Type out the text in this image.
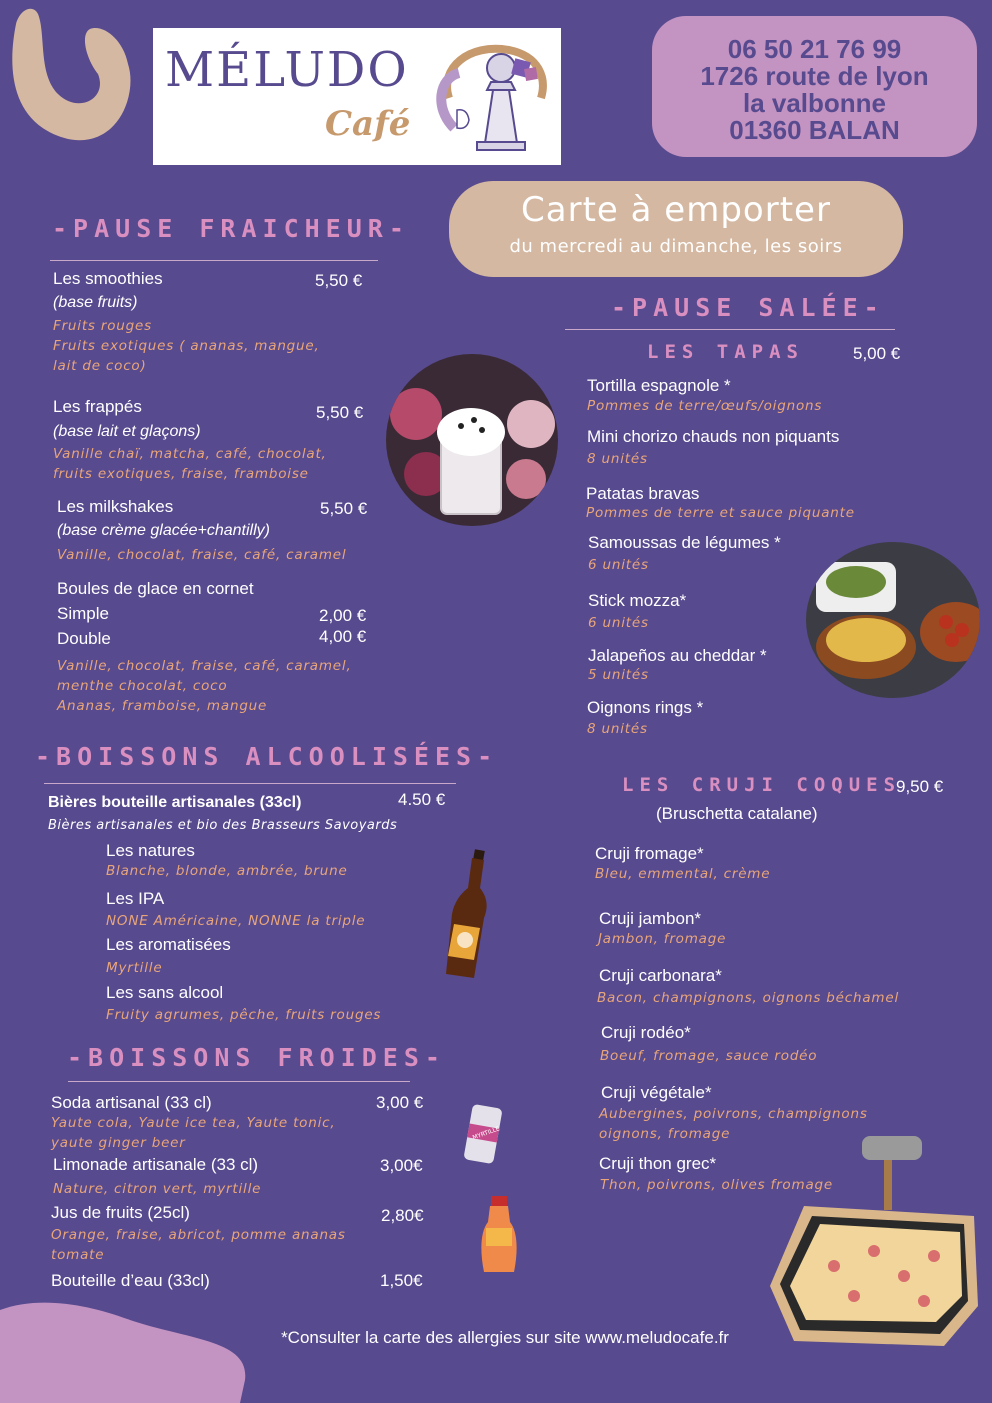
MÉLUDO
Café
06 50 21 76 99
1726 route de lyon
la valbonne
01360 BALAN
Carte à emporter
du mercredi au dimanche, les soirs
-PAUSE FRAICHEUR-
Les smoothies	5,50 €
(base fruits)
Fruits rouges
Fruits exotiques ( ananas, mangue,
lait de coco)
Les frappés	5,50 €
(base lait et glaçons)
Vanille chaï, matcha, café, chocolat,
fruits exotiques, fraise, framboise
Les milkshakes	5,50 €
(base crème glacée+chantilly)
Vanille, chocolat, fraise, café, caramel
Boules de glace en cornet
Simple	2,00 €
Double	4,00 €
Vanille, chocolat, fraise, café, caramel,
menthe chocolat, coco
Ananas, framboise, mangue
-BOISSONS ALCOOLISÉES-
Bières bouteille artisanales (33cl)	4.50 €
Bières artisanales et bio des Brasseurs Savoyards
Les natures
Blanche, blonde, ambrée, brune
Les IPA
NONE Américaine, NONNE la triple
Les aromatisées
Myrtille
Les sans alcool
Fruity agrumes, pêche, fruits rouges
-BOISSONS FROIDES-
Soda artisanal (33 cl)	3,00 €
Yaute cola, Yaute ice tea, Yaute tonic,
yaute ginger beer
Limonade artisanale (33 cl)	3,00€
Nature, citron vert, myrtille
Jus de fruits (25cl)	2,80€
Orange, fraise, abricot, pomme ananas
tomate
Bouteille d’eau (33cl)	1,50€
MYRTILLE
-PAUSE SALÉE-
LES TAPAS	5,00 €
Tortilla espagnole *
Pommes de terre/œufs/oignons
Mini chorizo chauds non piquants
8 unités
Patatas bravas
Pommes de terre et sauce piquante
Samoussas de légumes *
6 unités
Stick mozza*
6 unités
Jalapeños au cheddar *
5 unités
Oignons rings *
8 unités
LES CRUJI COQUES
9,50 €
(Bruschetta catalane)
Cruji fromage*
Bleu, emmental, crème
Cruji jambon*
Jambon, fromage
Cruji carbonara*
Bacon, champignons, oignons béchamel
Cruji rodéo*
Boeuf, fromage, sauce rodéo
Cruji végétale*
Aubergines, poivrons, champignons
oignons, fromage
Cruji thon grec*
Thon, poivrons, olives fromage
*Consulter la carte des allergies sur site www.meludocafe.fr
